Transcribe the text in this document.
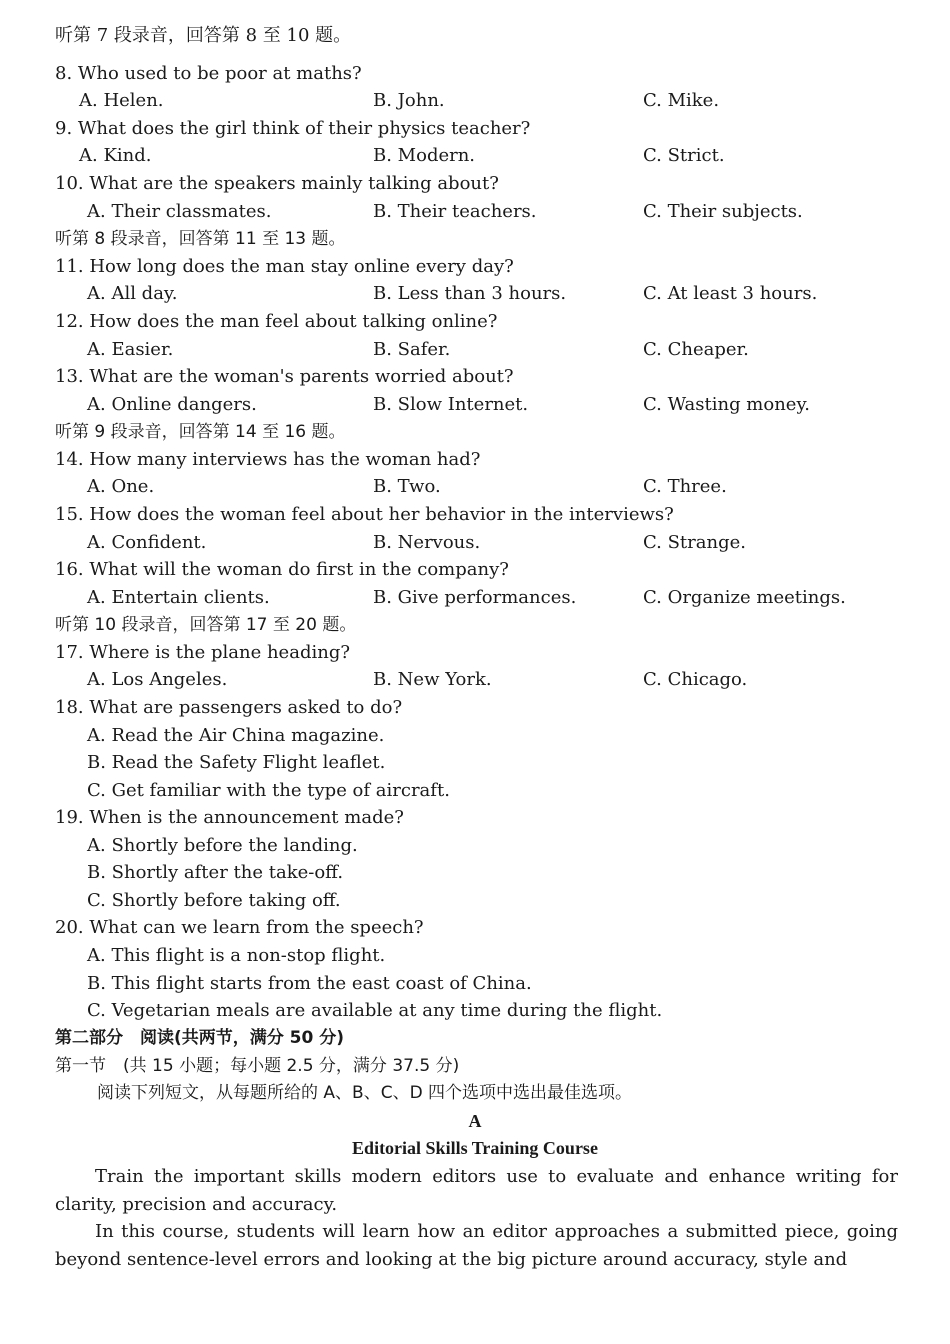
听第 7 段录音，回答第 8 至 10 题。
8. Who used to be poor at maths?
A. Helen.	B. John.	C. Mike.
9. What does the girl think of their physics teacher?
A. Kind.	B. Modern.	C. Strict.
10. What are the speakers mainly talking about?
A. Their classmates.	B. Their teachers.	C. Their subjects.
听第 8 段录音，回答第 11 至 13 题。
11. How long does the man stay online every day?
A. All day.	B. Less than 3 hours.	C. At least 3 hours.
12. How does the man feel about talking online?
A. Easier.	B. Safer.	C. Cheaper.
13. What are the woman's parents worried about?
A. Online dangers.	B. Slow Internet.	C. Wasting money.
听第 9 段录音，回答第 14 至 16 题。
14. How many interviews has the woman had?
A. One.	B. Two.	C. Three.
15. How does the woman feel about her behavior in the interviews?
A. Confident.	B. Nervous.	C. Strange.
16. What will the woman do first in the company?
A. Entertain clients.	B. Give performances.	C. Organize meetings.
听第 10 段录音，回答第 17 至 20 题。
17. Where is the plane heading?
A. Los Angeles.	B. New York.	C. Chicago.
18. What are passengers asked to do?
A. Read the Air China magazine.
B. Read the Safety Flight leaflet.
C. Get familiar with the type of aircraft.
19. When is the announcement made?
A. Shortly before the landing.
B. Shortly after the take-off.
C. Shortly before taking off.
20. What can we learn from the speech?
A. This flight is a non-stop flight.
B. This flight starts from the east coast of China.
C. Vegetarian meals are available at any time during the flight.
第二部分　阅读(共两节，满分 50 分)
第一节　(共 15 小题；每小题 2.5 分，满分 37.5 分)
阅读下列短文，从每题所给的 A、B、C、D 四个选项中选出最佳选项。
A
Editorial Skills Training Course
Train the important skills modern editors use to evaluate and enhance writing for clarity, precision and accuracy.
In this course, students will learn how an editor approaches a submitted piece, going beyond sentence-level errors and looking at the big picture around accuracy, style and
